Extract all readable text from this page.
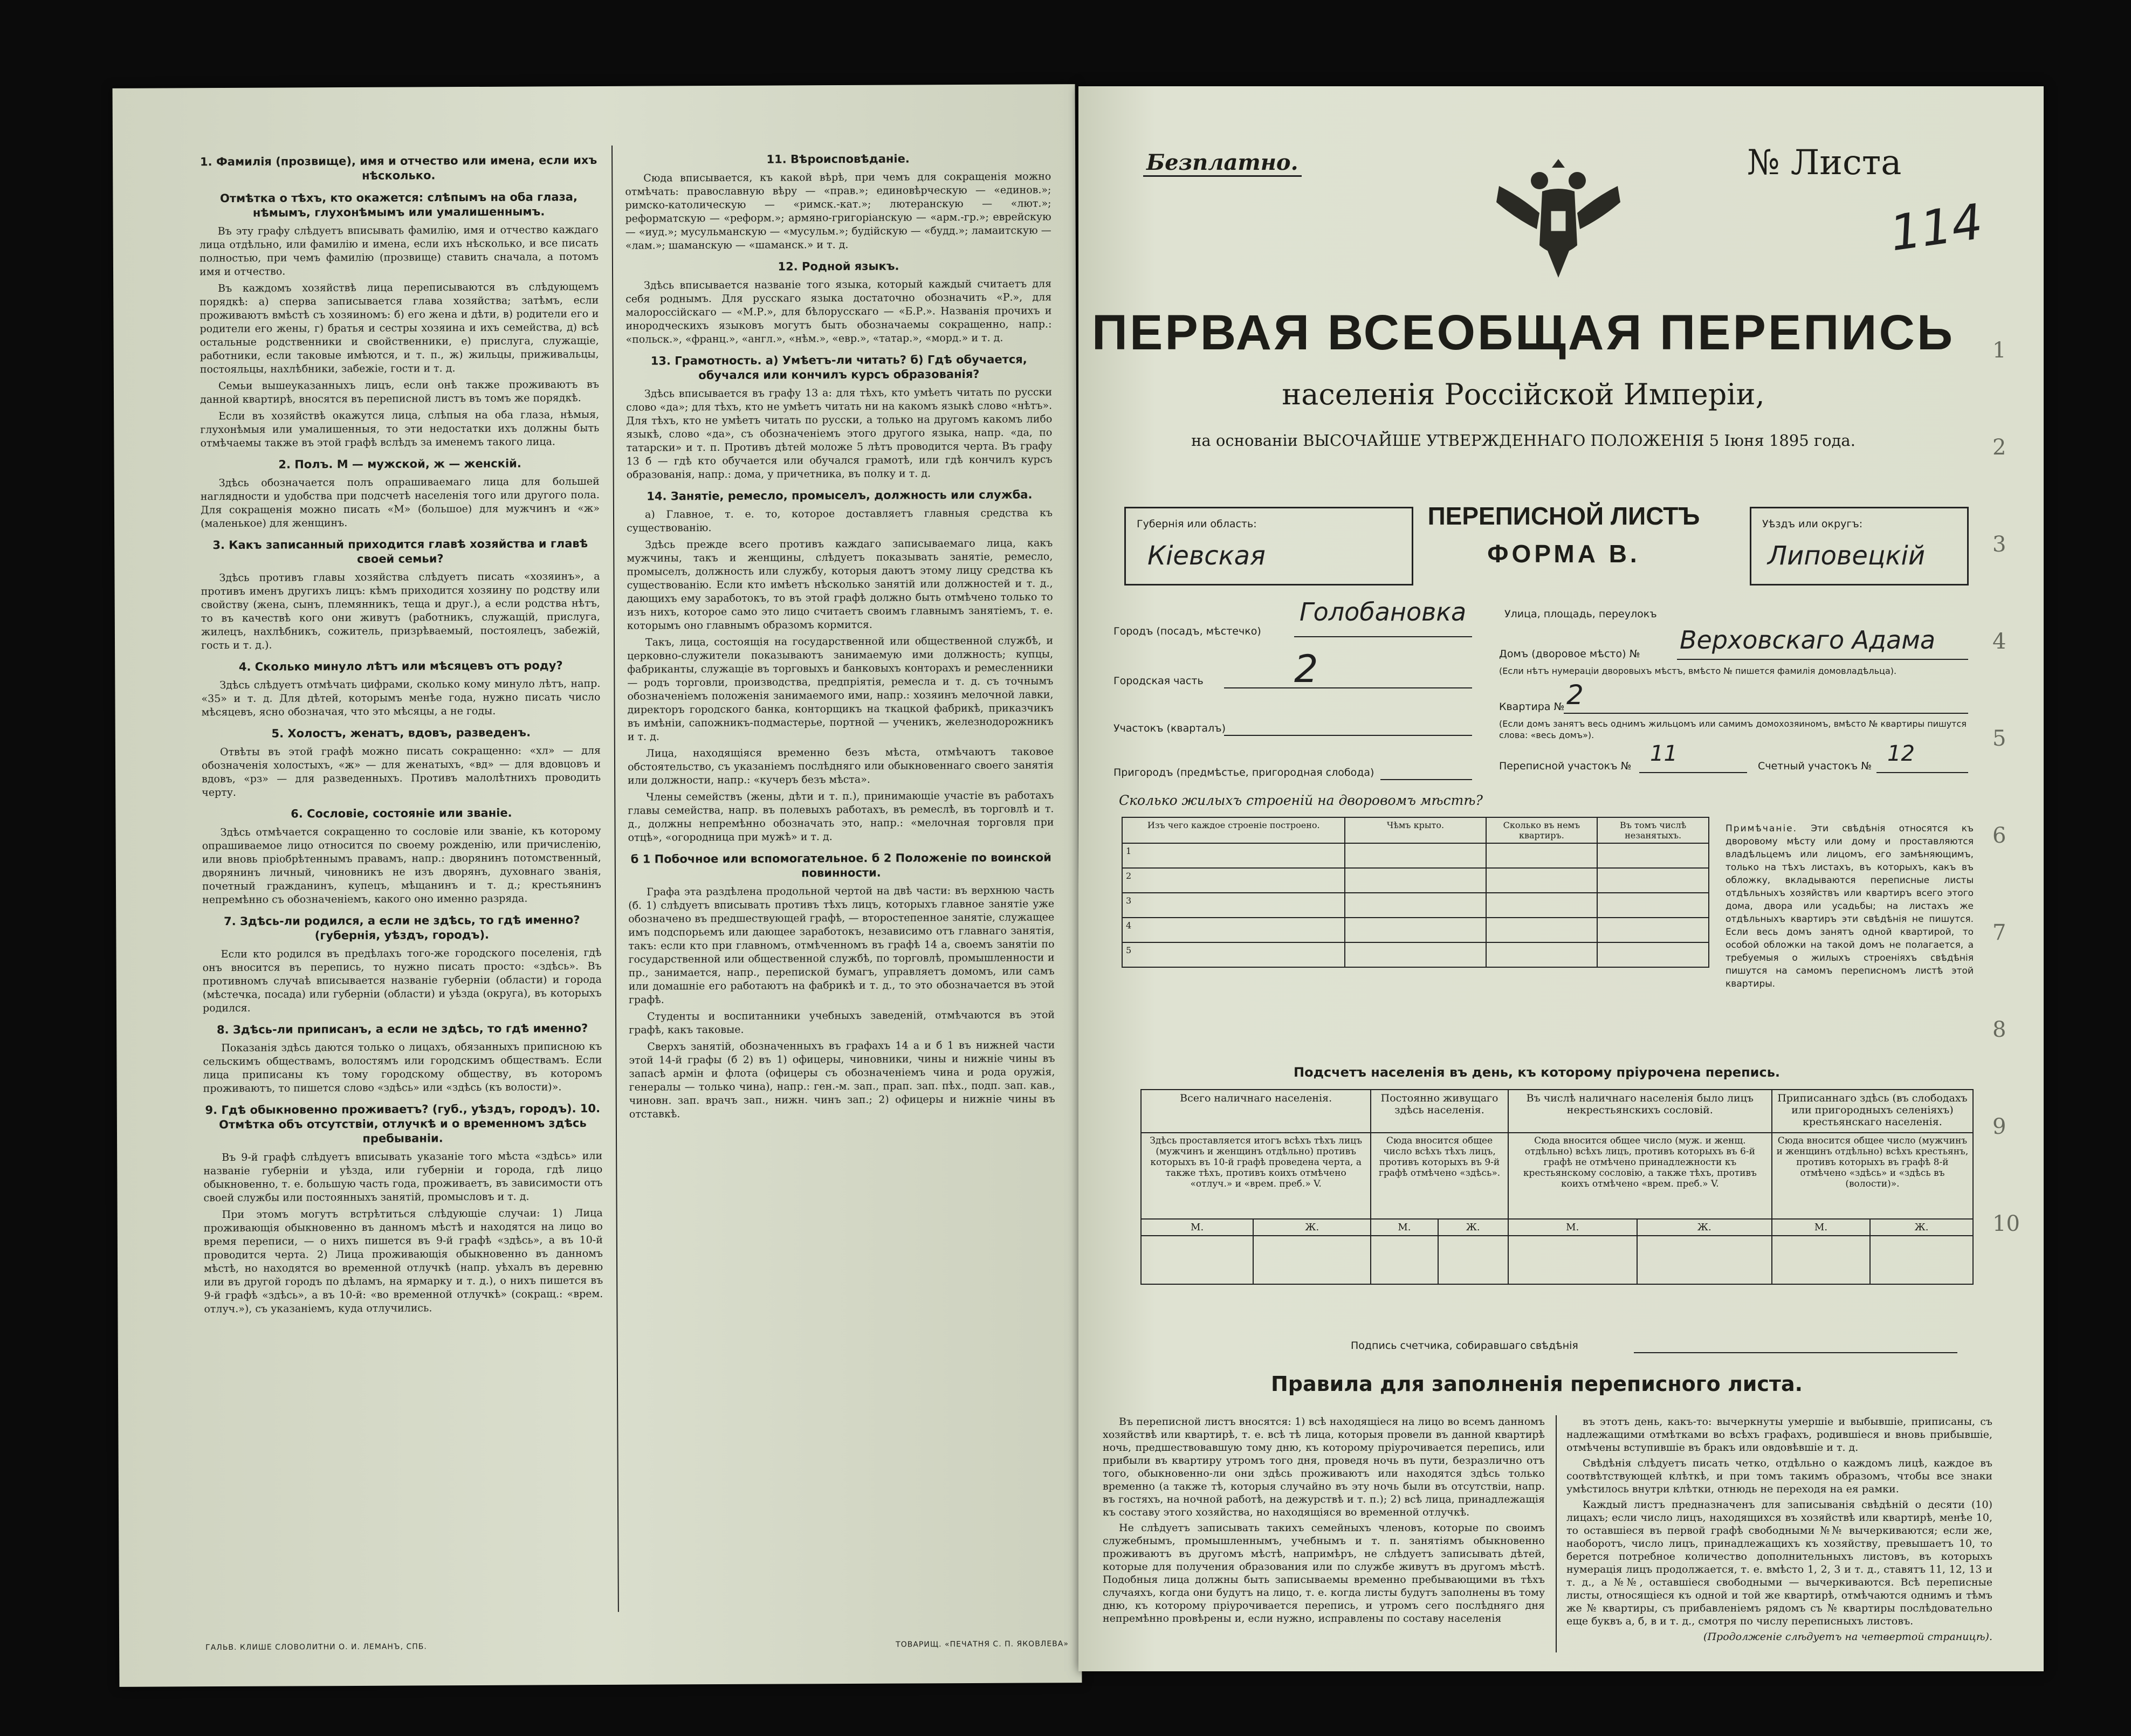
1. Фамилія (прозвище), имя и отчество или имена, если ихъ нѣсколько.
Отмѣтка о тѣхъ, кто окажется: слѣпымъ на оба глаза, нѣмымъ, глухонѣмымъ или умалишеннымъ.

Въ эту графу слѣдуетъ вписывать фамилію, имя и отчество каждаго лица отдѣльно, или фамилію и имена, если ихъ нѣсколько, и все писать полностью, при чемъ фамилію (прозвище) ставить сначала, а потомъ имя и отчество.

Въ каждомъ хозяйствѣ лица переписываются въ слѣдующемъ порядкѣ: а) сперва записывается глава хозяйства; затѣмъ, если проживаютъ вмѣстѣ съ хозяиномъ: б) его жена и дѣти, в) родители его и родители его жены, г) братья и сестры хозяина и ихъ семейства, д) всѣ остальные родственники и свойственники, е) прислуга, служащіе, работники, если таковые имѣются, и т. п., ж) жильцы, приживальцы, постояльцы, нахлѣбники, забежіе, гости и т. д.

Семьи вышеуказанныхъ лицъ, если онѣ также проживаютъ въ данной квартирѣ, вносятся въ переписной листъ въ томъ же порядкѣ.

Если въ хозяйствѣ окажутся лица, слѣпыя на оба глаза, нѣмыя, глухонѣмыя или умалишенныя, то эти недостатки ихъ должны быть отмѣчаемы также въ этой графѣ вслѣдъ за именемъ такого лица.

2. Полъ. М — мужской, ж — женскій.

Здѣсь обозначается полъ опрашиваемаго лица для большей наглядности и удобства при подсчетѣ населенія того или другого пола. Для сокращенія можно писать «М» (большое) для мужчинъ и «ж» (маленькое) для женщинъ.

3. Какъ записанный приходится главѣ хозяйства и главѣ своей семьи?

Здѣсь противъ главы хозяйства слѣдуетъ писать «хозяинъ», а противъ именъ другихъ лицъ: кѣмъ приходится хозяину по родству или свойству (жена, сынъ, племянникъ, теща и друг.), а если родства нѣтъ, то въ качествѣ кого они живутъ (работникъ, служащій, прислуга, жилецъ, нахлѣбникъ, сожитель, призрѣваемый, постоялецъ, забежій, гость и т. д.).

4. Сколько минуло лѣтъ или мѣсяцевъ отъ роду?

Здѣсь слѣдуетъ отмѣчать цифрами, сколько кому минуло лѣтъ, напр. «35» и т. д. Для дѣтей, которымъ менѣе года, нужно писать число мѣсяцевъ, ясно обозначая, что это мѣсяцы, а не годы.

5. Холостъ, женатъ, вдовъ, разведенъ.

Отвѣты въ этой графѣ можно писать сокращенно: «хл» — для обозначенія холостыхъ, «ж» — для женатыхъ, «вд» — для вдовцовъ и вдовъ, «рз» — для разведенныхъ. Противъ малолѣтнихъ проводить черту.

6. Сословіе, состояніе или званіе.

Здѣсь отмѣчается сокращенно то сословіе или званіе, къ которому опрашиваемое лицо относится по своему рожденію, или причисленію, или вновь пріобрѣтеннымъ правамъ, напр.: дворянинъ потомственный, дворянинъ личный, чиновникъ не изъ дворянъ, духовнаго званія, почетный гражданинъ, купецъ, мѣщанинъ и т. д.; крестьянинъ непремѣнно съ обозначеніемъ, какого оно именно разряда.

7. Здѣсь-ли родился, а если не здѣсь, то гдѣ именно? (губернія, уѣздъ, городъ).

Если кто родился въ предѣлахъ того-же городского поселенія, гдѣ онъ вносится въ перепись, то нужно писать просто: «здѣсь». Въ противномъ случаѣ вписывается названіе губерніи (области) и города (мѣстечка, посада) или губерніи (области) и уѣзда (округа), въ которыхъ родился.

8. Здѣсь-ли приписанъ, а если не здѣсь, то гдѣ именно?

Показанія здѣсь даются только о лицахъ, обязанныхъ приписною къ сельскимъ обществамъ, волостямъ или городскимъ обществамъ. Если лица приписаны къ тому городскому обществу, въ которомъ проживаютъ, то пишется слово «здѣсь» или «здѣсь (къ волости)».

9. Гдѣ обыкновенно проживаетъ? (губ., уѣздъ, городъ). 10. Отмѣтка объ отсутствіи, отлучкѣ и о временномъ здѣсь пребываніи.

Въ 9-й графѣ слѣдуетъ вписывать указаніе того мѣста «здѣсь» или названіе губерніи и уѣзда, или губерніи и города, гдѣ лицо обыкновенно, т. е. большую часть года, проживаетъ, въ зависимости отъ своей службы или постоянныхъ занятій, промысловъ и т. д.

При этомъ могутъ встрѣтиться слѣдующіе случаи: 1) Лица проживающія обыкновенно въ данномъ мѣстѣ и находятся на лицо во время переписи, — о нихъ пишется въ 9-й графѣ «здѣсь», а въ 10-й проводится черта. 2) Лица проживающія обыкновенно въ данномъ мѣстѣ, но находятся во временной отлучкѣ (напр. уѣхалъ въ деревню или въ другой городъ по дѣламъ, на ярмарку и т. д.), о нихъ пишется въ 9-й графѣ «здѣсь», а въ 10-й: «во временной отлучкѣ» (сокращ.: «врем. отлуч.»), съ указаніемъ, куда отлучились.

11. Вѣроисповѣданіе.

Сюда вписывается, къ какой вѣрѣ, при чемъ для сокращенія можно отмѣчать: православную вѣру — «прав.»; единовѣрческую — «единов.»; римско-католическую — «римск.-кат.»; лютеранскую — «лют.»; реформатскую — «реформ.»; армяно-григоріанскую — «арм.-гр.»; еврейскую — «иуд.»; мусульманскую — «мусульм.»; будійскую — «будд.»; ламаитскую — «лам.»; шаманскую — «шаманск.» и т. д.

12. Родной языкъ.

Здѣсь вписывается названіе того языка, который каждый считаетъ для себя роднымъ. Для русскаго языка достаточно обозначить «Р.», для малороссійскаго — «М.Р.», для бѣлорусскаго — «Б.Р.». Названія прочихъ и инородческихъ языковъ могутъ быть обозначаемы сокращенно, напр.: «польск.», «франц.», «англ.», «нѣм.», «евр.», «татар.», «морд.» и т. д.

13. Грамотность. а) Умѣетъ-ли читать? б) Гдѣ обучается, обучался или кончилъ курсъ образованія?

Здѣсь вписывается въ графу 13 а: для тѣхъ, кто умѣетъ читать по русски слово «да»; для тѣхъ, кто не умѣетъ читать ни на какомъ языкѣ слово «нѣтъ». Для тѣхъ, кто не умѣетъ читать по русски, а только на другомъ какомъ либо языкѣ, слово «да», съ обозначеніемъ этого другого языка, напр. «да, по татарски» и т. п. Противъ дѣтей моложе 5 лѣтъ проводится черта. Въ графу 13 б — гдѣ кто обучается или обучался грамотѣ, или гдѣ кончилъ курсъ образованія, напр.: дома, у причетника, въ полку и т. д.

14. Занятіе, ремесло, промыселъ, должность или служба.

а) Главное, т. е. то, которое доставляетъ главныя средства къ существованію.

Здѣсь прежде всего противъ каждаго записываемаго лица, какъ мужчины, такъ и женщины, слѣдуетъ показывать занятіе, ремесло, промыселъ, должность или службу, которыя даютъ этому лицу средства къ существованію. Если кто имѣетъ нѣсколько занятій или должностей и т. д., дающихъ ему заработокъ, то въ этой графѣ должно быть отмѣчено только то изъ нихъ, которое само это лицо считаетъ своимъ главнымъ занятіемъ, т. е. которымъ оно главнымъ образомъ кормится.

Такъ, лица, состоящія на государственной или общественной службѣ, и церковно-служители показываютъ занимаемую ими должность; купцы, фабриканты, служащіе въ торговыхъ и банковыхъ конторахъ и ремесленники — родъ торговли, производства, предпріятія, ремесла и т. д. съ точнымъ обозначеніемъ положенія занимаемого ими, напр.: хозяинъ мелочной лавки, директоръ городского банка, конторщикъ на ткацкой фабрикѣ, приказчикъ въ имѣніи, сапожникъ-подмастерье, портной — ученикъ, железнодорожникъ и т. д.

Лица, находящіяся временно безъ мѣста, отмѣчаютъ таковое обстоятельство, съ указаніемъ послѣдняго или обыкновеннаго своего занятія или должности, напр.: «кучеръ безъ мѣста».

Члены семействъ (жены, дѣти и т. п.), принимающіе участіе въ работахъ главы семейства, напр. въ полевыхъ работахъ, въ ремеслѣ, въ торговлѣ и т. д., должны непремѣнно обозначать это, напр.: «мелочная торговля при отцѣ», «огородница при мужѣ» и т. д.

б 1 Побочное или вспомогательное. б 2 Положеніе по воинской повинности.

Графа эта раздѣлена продольной чертой на двѣ части: въ верхнюю часть (б. 1) слѣдуетъ вписывать противъ тѣхъ лицъ, которыхъ главное занятіе уже обозначено въ предшествующей графѣ, — второстепенное занятіе, служащее имъ подспорьемъ или дающее заработокъ, независимо отъ главнаго занятія, такъ: если кто при главномъ, отмѣченномъ въ графѣ 14 а, своемъ занятіи по государственной или общественной службѣ, по торговлѣ, промышленности и пр., занимается, напр., перепиской бумагъ, управляетъ домомъ, или самъ или домашніе его работаютъ на фабрикѣ и т. д., то это обозначается въ этой графѣ.

Студенты и воспитанники учебныхъ заведеній, отмѣчаются въ этой графѣ, какъ таковые.

Сверхъ занятій, обозначенныхъ въ графахъ 14 а и б 1 въ нижней части этой 14-й графы (б 2) въ 1) офицеры, чиновники, чины и нижніе чины въ запасѣ армін и флота (офицеры съ обозначеніемъ чина и рода оружія, генералы — только чина), напр.: ген.-м. зап., прап. зап. пѣх., подп. зап. кав., чиновн. зап. врачъ зап., нижн. чинъ зап.; 2) офицеры и нижніе чины въ отставкѣ.

ГАЛЬВ. КЛИШЕ СЛОВОЛИТНИ О. И. ЛЕМАНЪ, СПБ.	ТОВАРИЩ. «ПЕЧАТНЯ С. П. ЯКОВЛЕВА»
1
2
3
4
5
6
7
8
9
10
Безплатно.	№ Листа
114
ПЕРВАЯ ВСЕОБЩАЯ ПЕРЕПИСЬ
населенія Россійской Имперіи,
на основаніи ВЫСОЧАЙШЕ УТВЕРЖДЕННАГО ПОЛОЖЕНІЯ 5 Іюня 1895 года.
Губернія или область:
Кіевская
ПЕРЕПИСНОЙ ЛИСТЪ
ФОРМА В.
Уѣздъ или округъ:
Липовецкій
Городъ (посадъ, мѣстечко)
Голобановка	Улица, площадь, переулокъ
Городская часть 2	Домъ (дворовое мѣсто) № Верховскаго Адама
(Если нѣтъ нумераціи дворовыхъ мѣстъ, вмѣсто № пишется фамилія домовладѣльца).
Участокъ (кварталъ)
Квартира № 2
(Если домъ занятъ весь однимъ жильцомъ или самимъ домохозяиномъ, вмѣсто № квартиры пишутся слова: «весь домъ»).
Пригородъ (предмѣстье, пригородная слобода)
Переписной участокъ № 11	Счетный участокъ № 12
Сколько жилыхъ строеній на дворовомъ мѣстѣ?
Изъ чего каждое строеніе построено.	Чѣмъ крыто.	Сколько въ немъ квартиръ.	Въ томъ числѣ незанятыхъ.
1			
2			
3			
4			
5			
Примѣчаніе. Эти свѣдѣнія относятся къ дворовому мѣсту или дому и проставляются владѣльцемъ или лицомъ, его замѣняющимъ, только на тѣхъ листахъ, въ которыхъ, какъ въ обложку, вкладываются переписные листы отдѣльныхъ хозяйствъ или квартиръ всего этого дома, двора или усадьбы; на листахъ же отдѣльныхъ квартиръ эти свѣдѣнія не пишутся. Если весь домъ занятъ одной квартирой, то особой обложки на такой домъ не полагается, а требуемыя о жилыхъ строеніяхъ свѣдѣнія пишутся на самомъ переписномъ листѣ этой квартиры.
Подсчетъ населенія въ день, къ которому пріурочена перепись.
Всего наличнаго населенія.		Постоянно живущаго здѣсь населенія.		Въ числѣ наличнаго населенія было лицъ некрестьянскихъ сословій.		Приписаннаго здѣсь (въ слободахъ или пригородныхъ селеніяхъ) крестьянскаго населенія.	
Здѣсь проставляется итогъ всѣхъ тѣхъ лицъ (мужчинъ и женщинъ отдѣльно) противъ которыхъ въ 10-й графѣ проведена черта, а также тѣхъ, противъ коихъ отмѣчено «отлуч.» и «врем. преб.» V.		Сюда вносится общее число всѣхъ тѣхъ лицъ, противъ которыхъ въ 9-й графѣ отмѣчено «здѣсь».		Сюда вносится общее число (муж. и женщ. отдѣльно) всѣхъ лицъ, противъ которыхъ въ 6-й графѣ не отмѣчено принадлежности къ крестьянскому сословію, а также тѣхъ, противъ коихъ отмѣчено «врем. преб.» V.		Сюда вносится общее число (мужчинъ и женщинъ отдѣльно) всѣхъ крестьянъ, противъ которыхъ въ графѣ 8-й отмѣчено «здѣсь» и «здѣсь въ (волости)».	
М.	Ж.	М.	Ж.	М.	Ж.	М.	Ж.

Подпись счетчика, собиравшаго свѣдѣнія
Правила для заполненія переписного листа.

Въ переписной листъ вносятся: 1) всѣ находящіеся на лицо во всемъ данномъ хозяйствѣ или квартирѣ, т. е. всѣ тѣ лица, которыя провели въ данной квартирѣ ночь, предшествовавшую тому дню, къ которому пріурочивается перепись, или прибыли въ квартиру утромъ того дня, проведя ночь въ пути, безразлично отъ того, обыкновенно-ли они здѣсь проживаютъ или находятся здѣсь только временно (а также тѣ, которыя случайно въ эту ночь были въ отсутствіи, напр. въ гостяхъ, на ночной работѣ, на дежурствѣ и т. п.); 2) всѣ лица, принадлежащія къ составу этого хозяйства, но находящіяся во временной отлучкѣ.

Не слѣдуетъ записывать такихъ семейныхъ членовъ, которые по своимъ служебнымъ, промышленнымъ, учебнымъ и т. п. занятіямъ обыкновенно проживаютъ въ другомъ мѣстѣ, напримѣръ, не слѣдуетъ записывать дѣтей, которые для получения образования или по службе живутъ въ другомъ мѣстѣ. Подобныя лица должны быть записываемы временно пребывающими въ тѣхъ случаяхъ, когда они будутъ на лицо, т. е. когда листы будутъ заполнены въ тому дню, къ которому пріурочивается перепись, и утромъ сего послѣдняго дня непремѣнно провѣрены и, если нужно, исправлены по составу населенія

въ этотъ день, какъ-то: вычеркнуты умершіе и выбывшіе, приписаны, съ надлежащими отмѣтками во всѣхъ графахъ, родившіеся и вновь прибывшіе, отмѣчены вступившіе въ бракъ или овдовѣвшіе и т. д.

Свѣдѣнія слѣдуетъ писать четко, отдѣльно о каждомъ лицѣ, каждое въ соотвѣтствующей клѣткѣ, и при томъ такимъ образомъ, чтобы все знаки умѣстилось внутри клѣтки, отнюдь не переходя на ея рамки.

Каждый листъ предназначенъ для записыванія свѣдѣній о десяти (10) лицахъ; если число лицъ, находящихся въ хозяйствѣ или квартирѣ, менѣе 10, то оставшіеся въ первой графѣ свободными №№ вычеркиваются; если же, наоборотъ, число лицъ, принадлежащихъ къ хозяйству, превышаетъ 10, то берется потребное количество дополнительныхъ листовъ, въ которыхъ нумерація лицъ продолжается, т. е. вмѣсто 1, 2, 3 и т. д., ставятъ 11, 12, 13 и т. д., а №№, оставшіеся свободными — вычеркиваются. Всѣ переписные листы, относящіеся къ одной и той же квартирѣ, отмѣчаются однимъ и тѣмъ же № квартиры, съ прибавленіемъ рядомъ съ № квартиры послѣдовательно еще буквъ а, б, в и т. д., смотря по числу переписныхъ листовъ.

(Продолженіе слѣдуетъ на четвертой страницѣ).
